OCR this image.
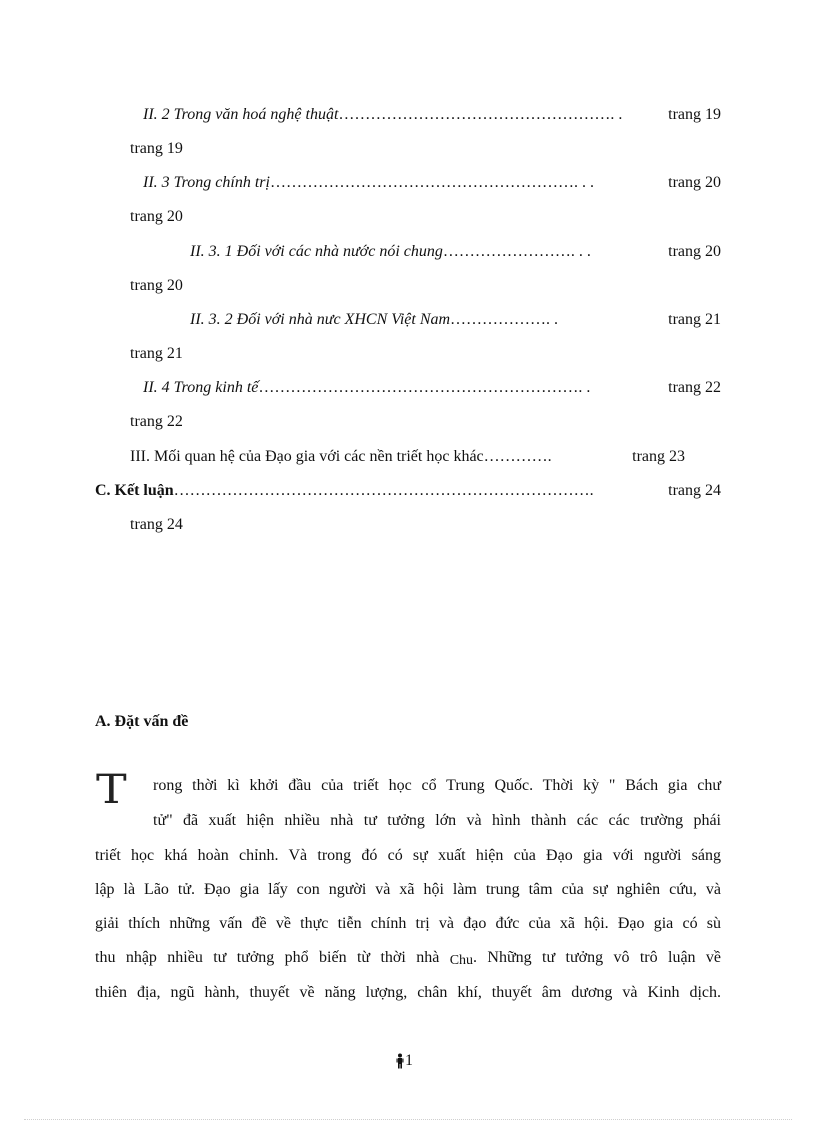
II. 2 Trong văn hoá nghệ thuật ……………………………………………. .	trang 19
trang 19
II. 3 Trong chính trị …………………………………………………. . .	trang 20
trang 20
II. 3. 1 Đối với các nhà nước nói chung ……………………. . .	trang 20
trang 20
II. 3. 2 Đối với nhà nưc XHCN Việt Nam ………………. .	trang 21
trang 21
II. 4 Trong kinh tế ……………………………………………………. .	trang 22
trang 22
III. Mối quan hệ của Đạo gia với các nền triết học khác ………….	trang 23
C. Kết luận …………………………………………………………………….	trang 24
trang 24
A. Đặt vấn đề
T rong thời kì khởi đầu của triết học cổ Trung Quốc. Thời kỳ " Bách gia chư
tử" đã xuất hiện nhiều nhà tư tưởng lớn và hình thành các các trường phái
triết học khá hoàn chỉnh. Và trong đó có sự xuất hiện của Đạo gia với người sáng
lập là Lão tử. Đạo gia lấy con người và xã hội làm trung tâm của sự nghiên cứu, và
giải thích những vấn đề về thực tiễn chính trị và đạo đức của xã hội. Đạo gia có sù
thu nhập nhiều tư tưởng phổ biến từ thời nhà Chu. Những tư tưởng vô trô luận về
thiên địa, ngũ hành, thuyết về năng lượng, chân khí, thuyết âm dương và Kinh dịch.
1
